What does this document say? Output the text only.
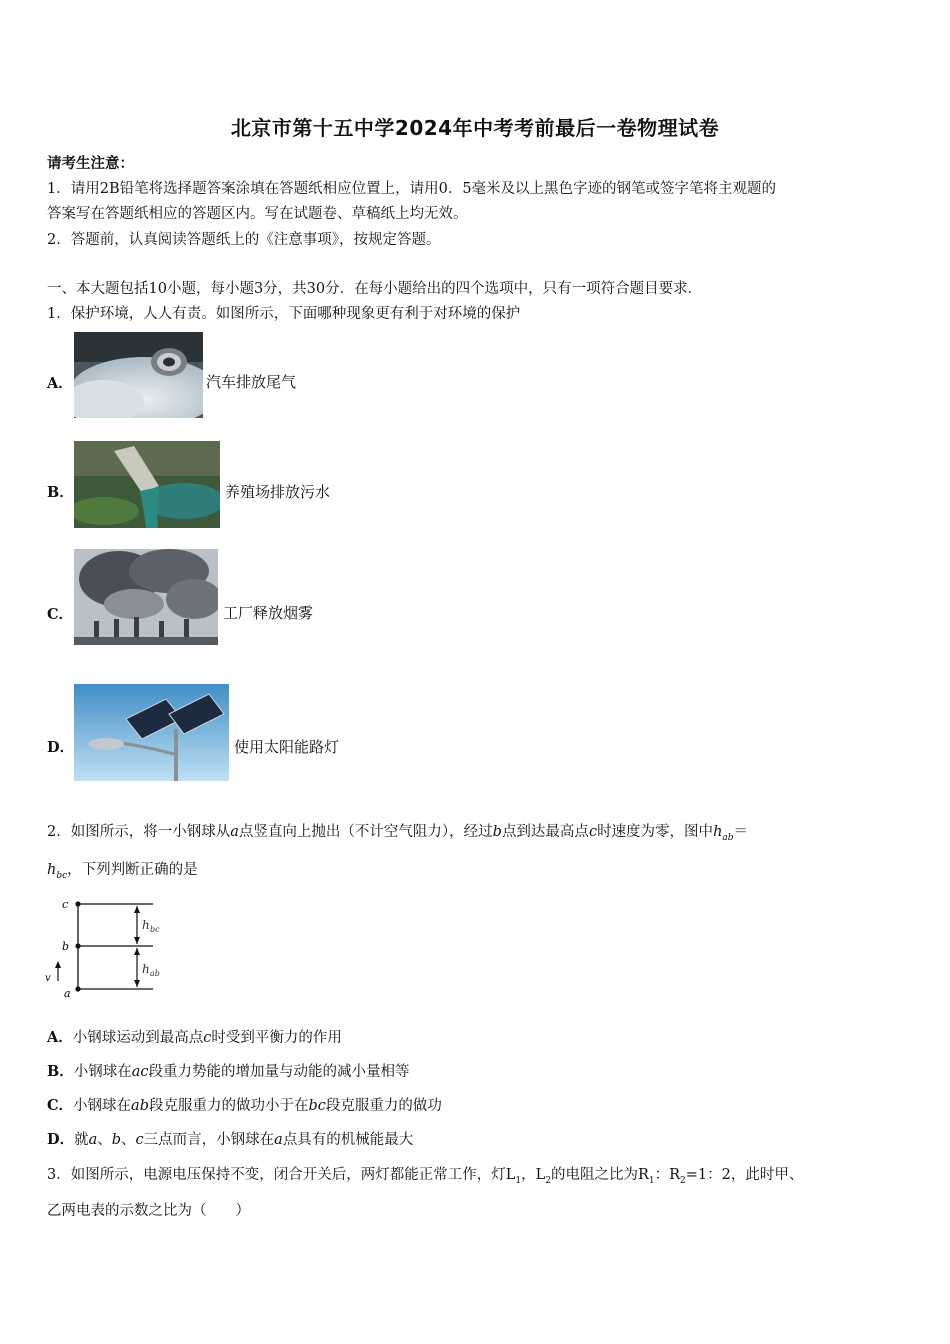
北京市第十五中学2024年中考考前最后一卷物理试卷
请考生注意：
1．请用2B铅笔将选择题答案涂填在答题纸相应位置上，请用0．5毫米及以上黑色字迹的钢笔或签字笔将主观题的
答案写在答题纸相应的答题区内。写在试题卷、草稿纸上均无效。
2．答题前，认真阅读答题纸上的《注意事项》，按规定答题。
一、本大题包括10小题，每小题3分，共30分．在每小题给出的四个选项中，只有一项符合题目要求．
1．保护环境，人人有责。如图所示，下面哪种现象更有利于对环境的保护
A．	汽车排放尾气
B．	养殖场排放污水
C．	工厂释放烟雾
D．	使用太阳能路灯
2．如图所示，将一小钢球从a点竖直向上抛出（不计空气阻力），经过b点到达最高点c时速度为零，图中$h_{ab}=$
$h_{bc}$，下列判断正确的是
c
b
a
v
h bc
h ab
A．小钢球运动到最高点c时受到平衡力的作用
B．小钢球在ac段重力势能的增加量与动能的减小量相等
C．小钢球在ab段克服重力的做功小于在bc段克服重力的做功
D．就a、b、c三点而言，小钢球在a点具有的机械能最大
3．如图所示，电源电压保持不变，闭合开关后，两灯都能正常工作，灯$L_1$，$L_2$的电阻之比为$R_1$：$R_2=1$：2，此时甲、
乙两电表的示数之比为（　　）
